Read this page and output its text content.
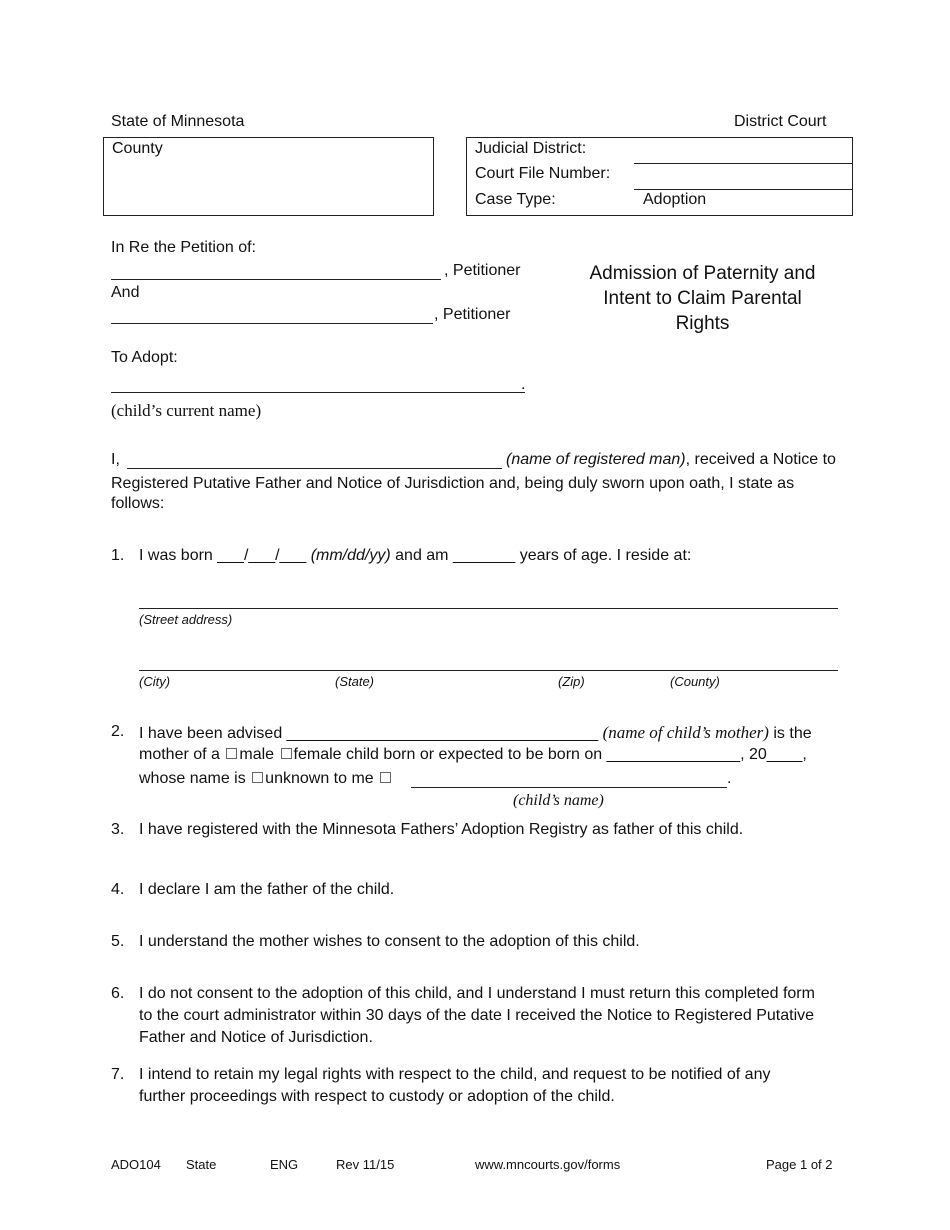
State of Minnesota	District Court
County	Judicial District:
Court File Number:
Case Type:	Adoption
In Re the Petition of:
, Petitioner
And
, Petitioner
To Adopt:
.
(child’s current name)
Admission of Paternity and
Intent to Claim Parental
Rights
I,	(name of registered man), received a Notice to
Registered Putative Father and Notice of Jurisdiction and, being duly sworn upon oath, I state as
follows:
1. I was born ___/___/___ (mm/dd/yy) and am _______ years of age. I reside at:
(Street address)
(City)	(State)	(Zip)	(County)
2. I have been advised ___________________________________ (name of child’s mother) is the
mother of a male female child born or expected to be born on _______________, 20____,
whose name is unknown to me	.
(child’s name)
3. I have registered with the Minnesota Fathers’ Adoption Registry as father of this child.
4. I declare I am the father of the child.
5. I understand the mother wishes to consent to the adoption of this child.
6. I do not consent to the adoption of this child, and I understand I must return this completed form
to the court administrator within 30 days of the date I received the Notice to Registered Putative
Father and Notice of Jurisdiction.
7. I intend to retain my legal rights with respect to the child, and request to be notified of any
further proceedings with respect to custody or adoption of the child.
ADO104 State	ENG	Rev 11/15	www.mncourts.gov/forms	Page 1 of 2
